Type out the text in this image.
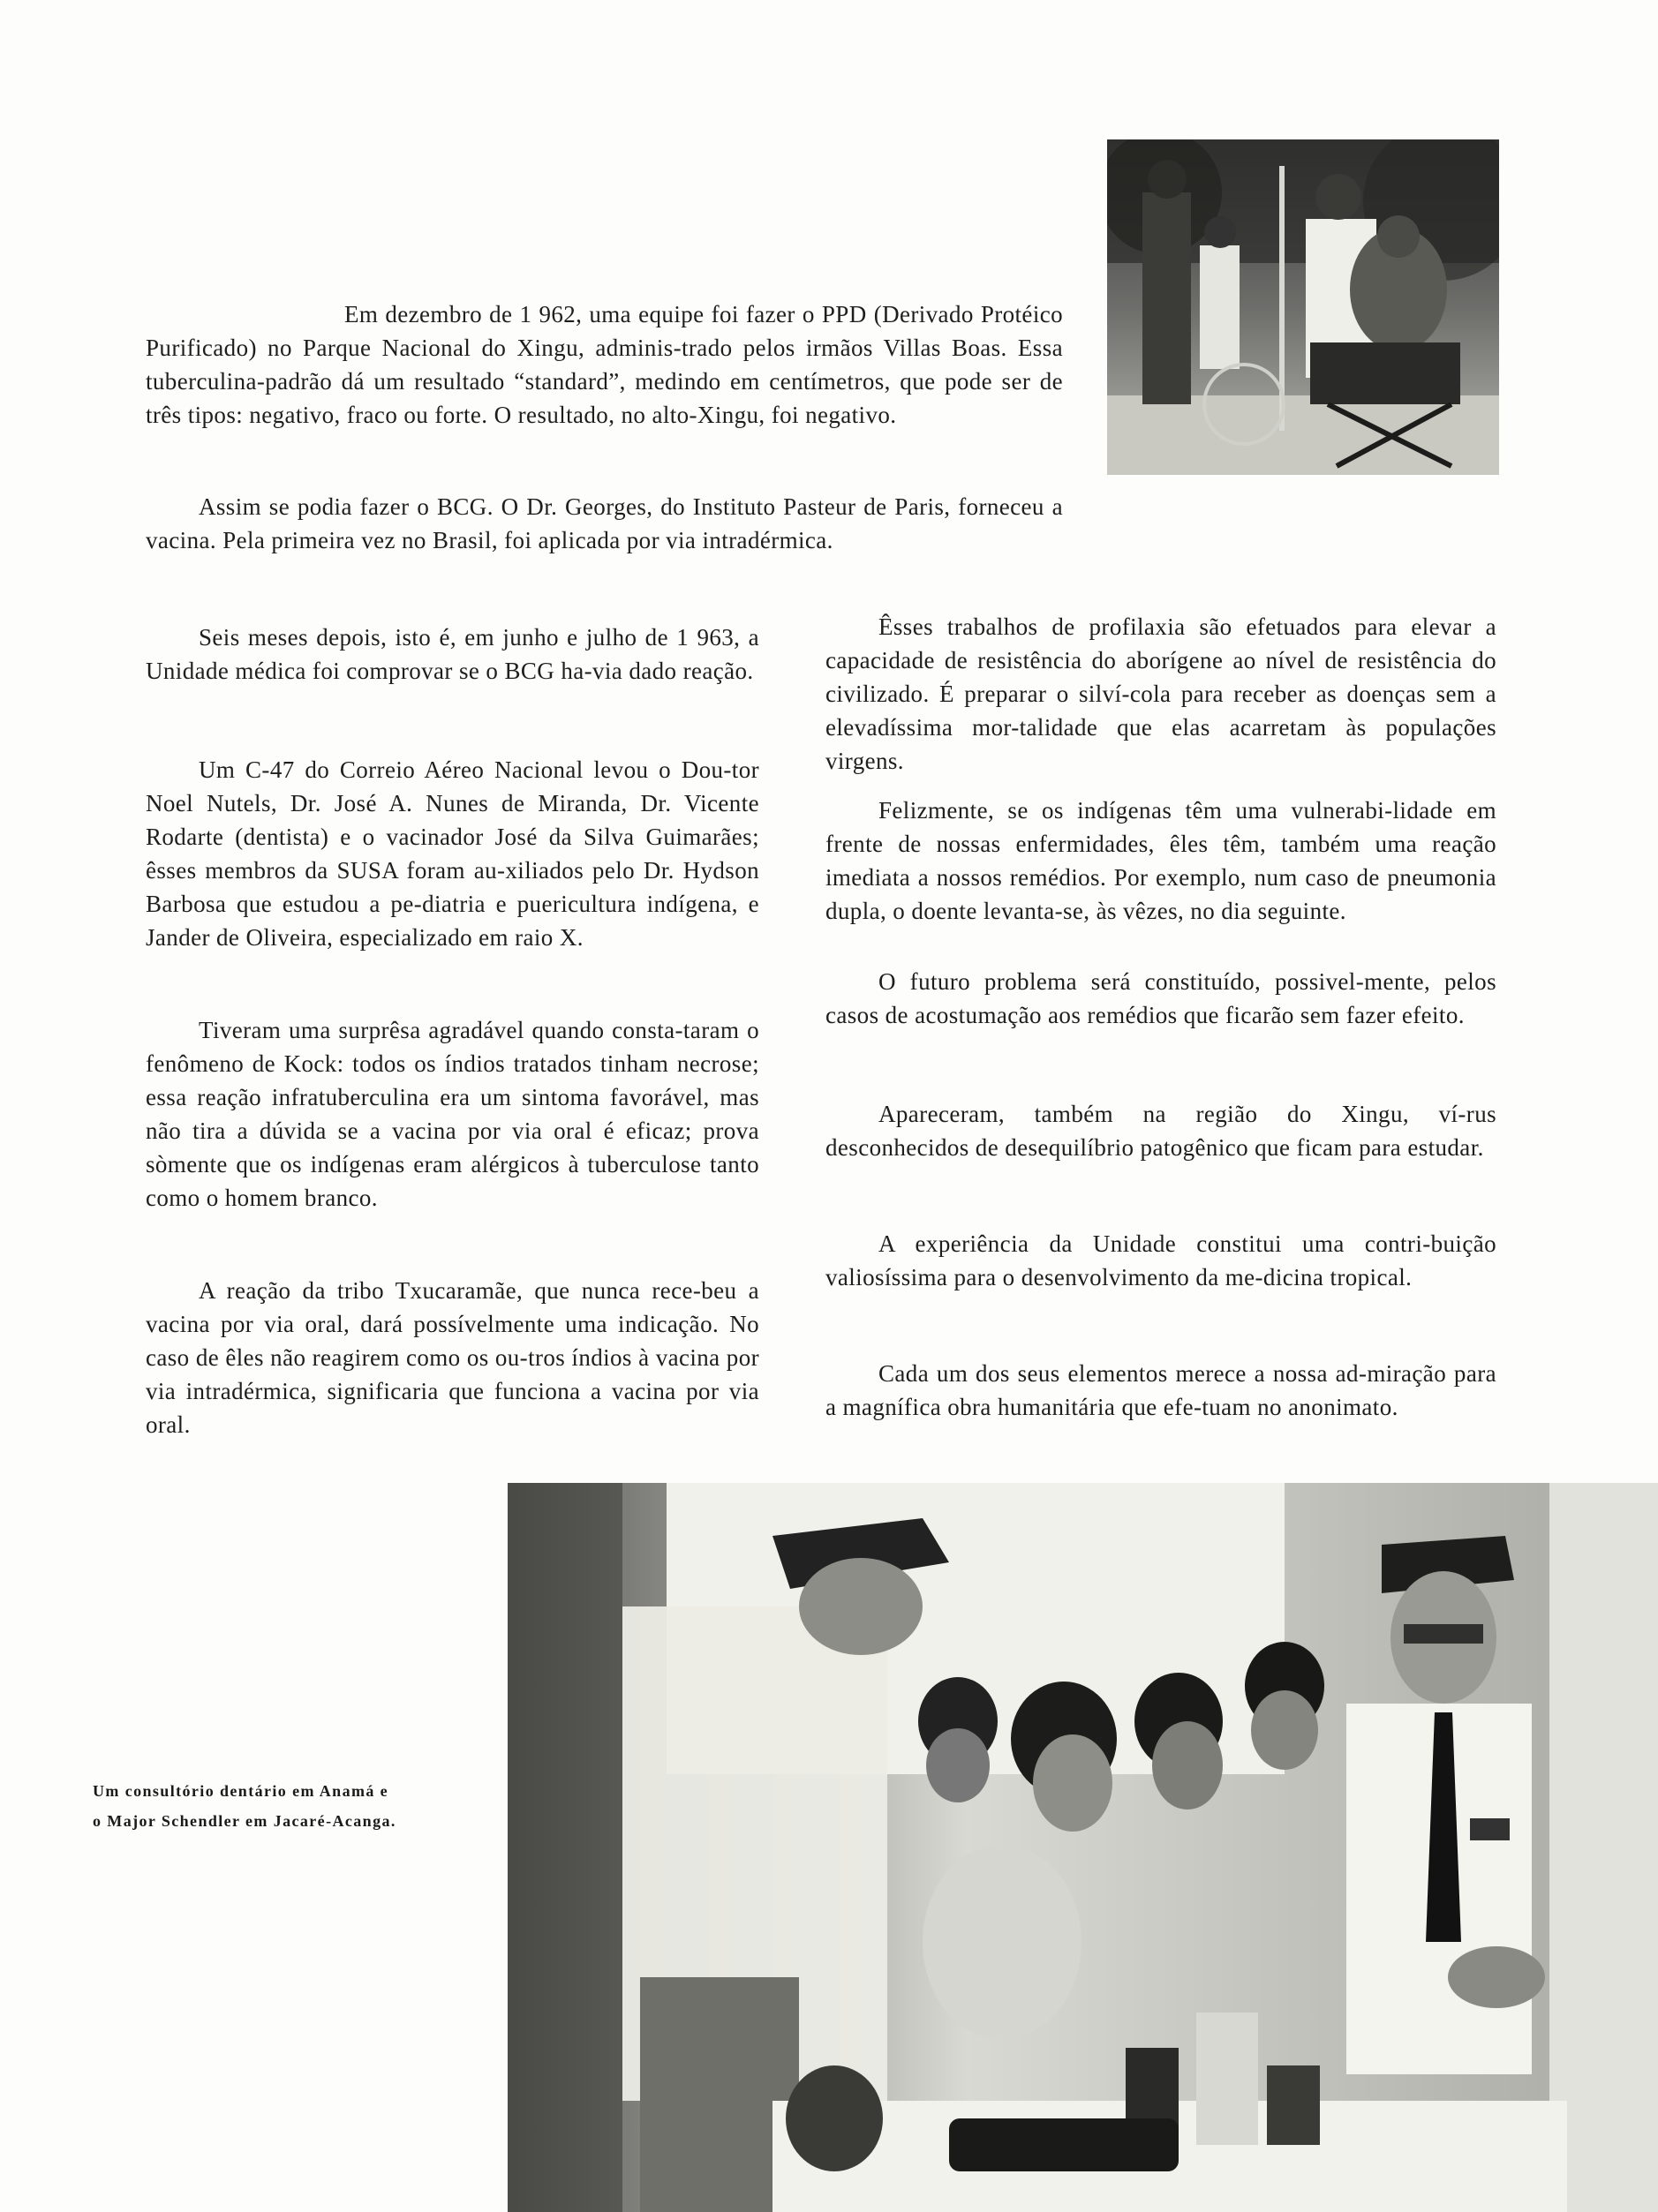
Em dezembro de 1 962, uma equipe foi fazer o PPD (Derivado Protéico Purificado) no Parque Nacional do Xingu, adminis-trado pelos irmãos Villas Boas. Essa tuberculina-padrão dá um resultado “standard”, medindo em centímetros, que pode ser de três tipos: negativo, fraco ou forte. O resultado, no alto-Xingu, foi negativo.

Assim se podia fazer o BCG. O Dr. Georges, do Instituto Pasteur de Paris, forneceu a vacina. Pela primeira vez no Brasil, foi aplicada por via intradérmica.

Seis meses depois, isto é, em junho e julho de 1 963, a Unidade médica foi comprovar se o BCG ha-via dado reação.

Um C-47 do Correio Aéreo Nacional levou o Dou-tor Noel Nutels, Dr. José A. Nunes de Miranda, Dr. Vicente Rodarte (dentista) e o vacinador José da Silva Guimarães; êsses membros da SUSA foram au-xiliados pelo Dr. Hydson Barbosa que estudou a pe-diatria e puericultura indígena, e Jander de Oliveira, especializado em raio X.

Tiveram uma surprêsa agradável quando consta-taram o fenômeno de Kock: todos os índios tratados tinham necrose; essa reação infratuberculina era um sintoma favorável, mas não tira a dúvida se a vacina por via oral é eficaz; prova sòmente que os indígenas eram alérgicos à tuberculose tanto como o homem branco.

A reação da tribo Txucaramãe, que nunca rece-beu a vacina por via oral, dará possívelmente uma indicação. No caso de êles não reagirem como os ou-tros índios à vacina por via intradérmica, significaria que funciona a vacina por via oral.

Êsses trabalhos de profilaxia são efetuados para elevar a capacidade de resistência do aborígene ao nível de resistência do civilizado. É preparar o silví-cola para receber as doenças sem a elevadíssima mor-talidade que elas acarretam às populações virgens.

Felizmente, se os indígenas têm uma vulnerabi-lidade em frente de nossas enfermidades, êles têm, também uma reação imediata a nossos remédios. Por exemplo, num caso de pneumonia dupla, o doente levanta-se, às vêzes, no dia seguinte.

O futuro problema será constituído, possivel-mente, pelos casos de acostumação aos remédios que ficarão sem fazer efeito.

Apareceram, também na região do Xingu, ví-rus desconhecidos de desequilíbrio patogênico que ficam para estudar.

A experiência da Unidade constitui uma contri-buição valiosíssima para o desenvolvimento da me-dicina tropical.

Cada um dos seus elementos merece a nossa ad-miração para a magnífica obra humanitária que efe-tuam no anonimato.

Um consultório dentário em Anamá e
o Major Schendler em Jacaré-Acanga.
